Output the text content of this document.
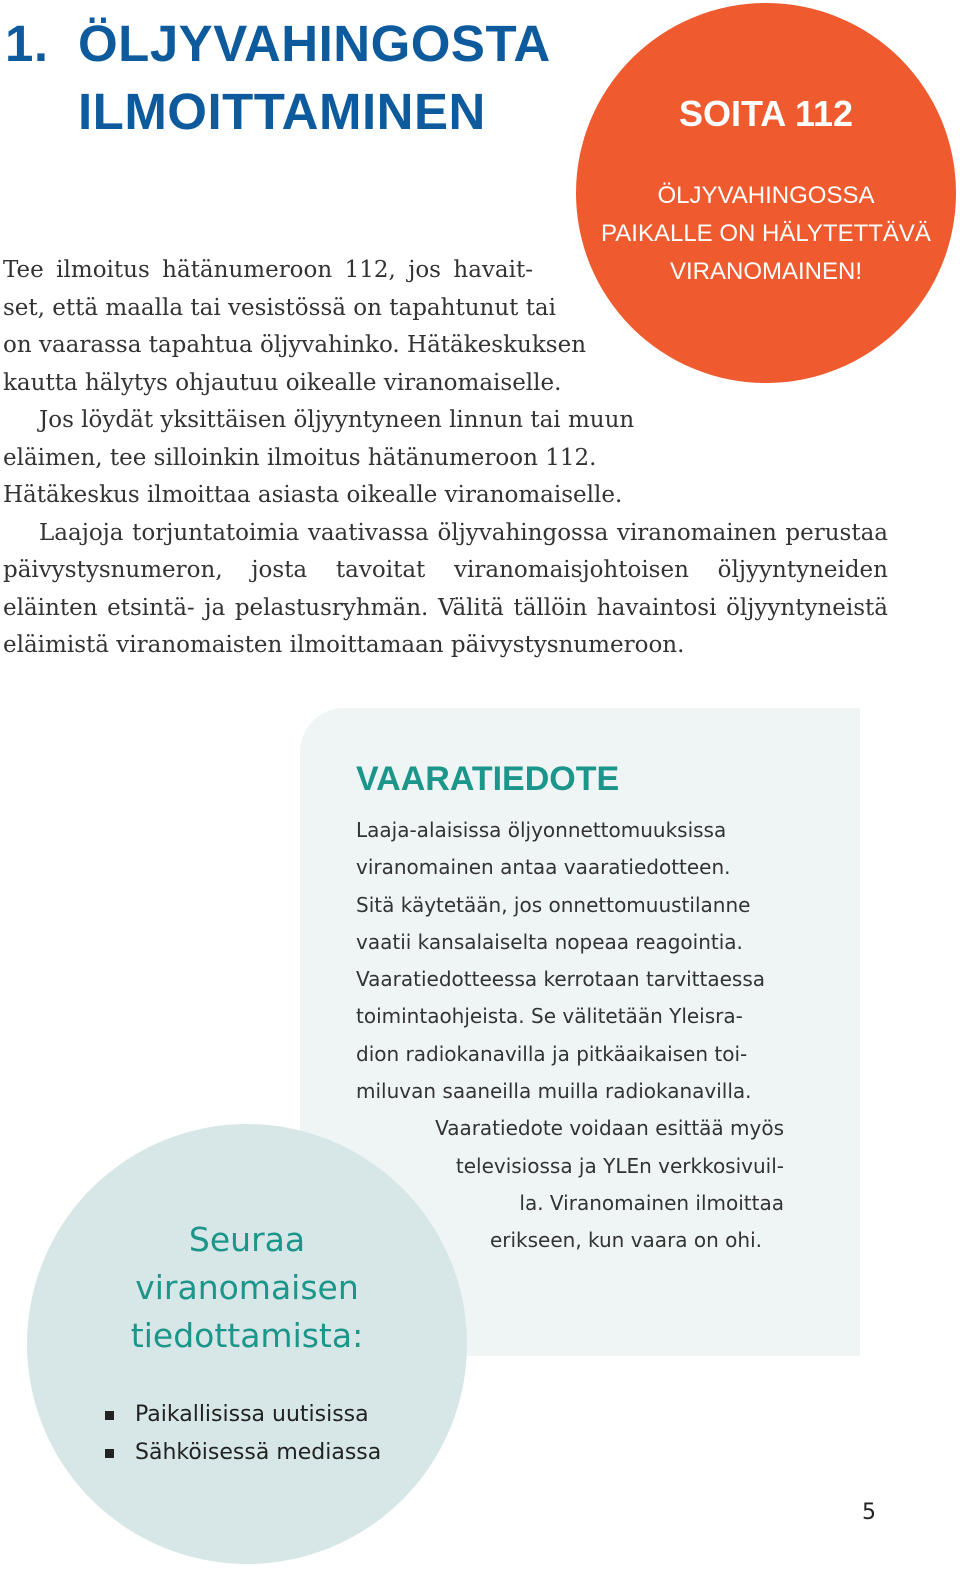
1. ÖLJYVAHINGOSTA
ILMOITTAMINEN	SOITA 112
ÖLJYVAHINGOSSA
PAIKALLE ON HÄLYTETTÄVÄ
VIRANOMAINEN!

Tee ilmoitus hätänumeroon 112, jos havait-
set, että maalla tai vesistössä on tapahtunut tai
on vaarassa tapahtua öljyvahinko. Hätäkeskuksen
kautta hälytys ohjautuu oikealle viranomaiselle.

Jos löydät yksittäisen öljyyntyneen linnun tai muun eläimen, tee silloinkin ilmoitus hätänumeroon 112. Hätäkeskus ilmoittaa asiasta oikealle viranomaiselle.

Laajoja torjuntatoimia vaativassa öljyvahingossa viranomainen perustaa päivystysnumeron, josta tavoitat viranomaisjohtoisen öljyyntyneiden eläinten etsintä- ja pelastusryhmän. Välitä tällöin havaintosi öljyyntyneistä eläimistä viranomaisten ilmoittamaan päivystysnumeroon.

VAARATIEDOTE
Laaja-alaisissa öljyonnettomuuksissa
viranomainen antaa vaaratiedotteen.
Sitä käytetään, jos onnettomuustilanne
vaatii kansalaiselta nopeaa reagointia.
Vaaratiedotteessa kerrotaan tarvittaessa
toimintaohjeista. Se välitetään Yleisra-
dion radiokanavilla ja pitkäaikaisen toi-
miluvan saaneilla muilla radiokanavilla.
Vaaratiedote voidaan esittää myös
televisiossa ja YLEn verkkosivuil-
la. Viranomainen ilmoittaa
erikseen, kun vaara on ohi.
Seuraa
viranomaisen
tiedottamista:
Paikallisissa uutisissa
Sähköisessä mediassa
5
